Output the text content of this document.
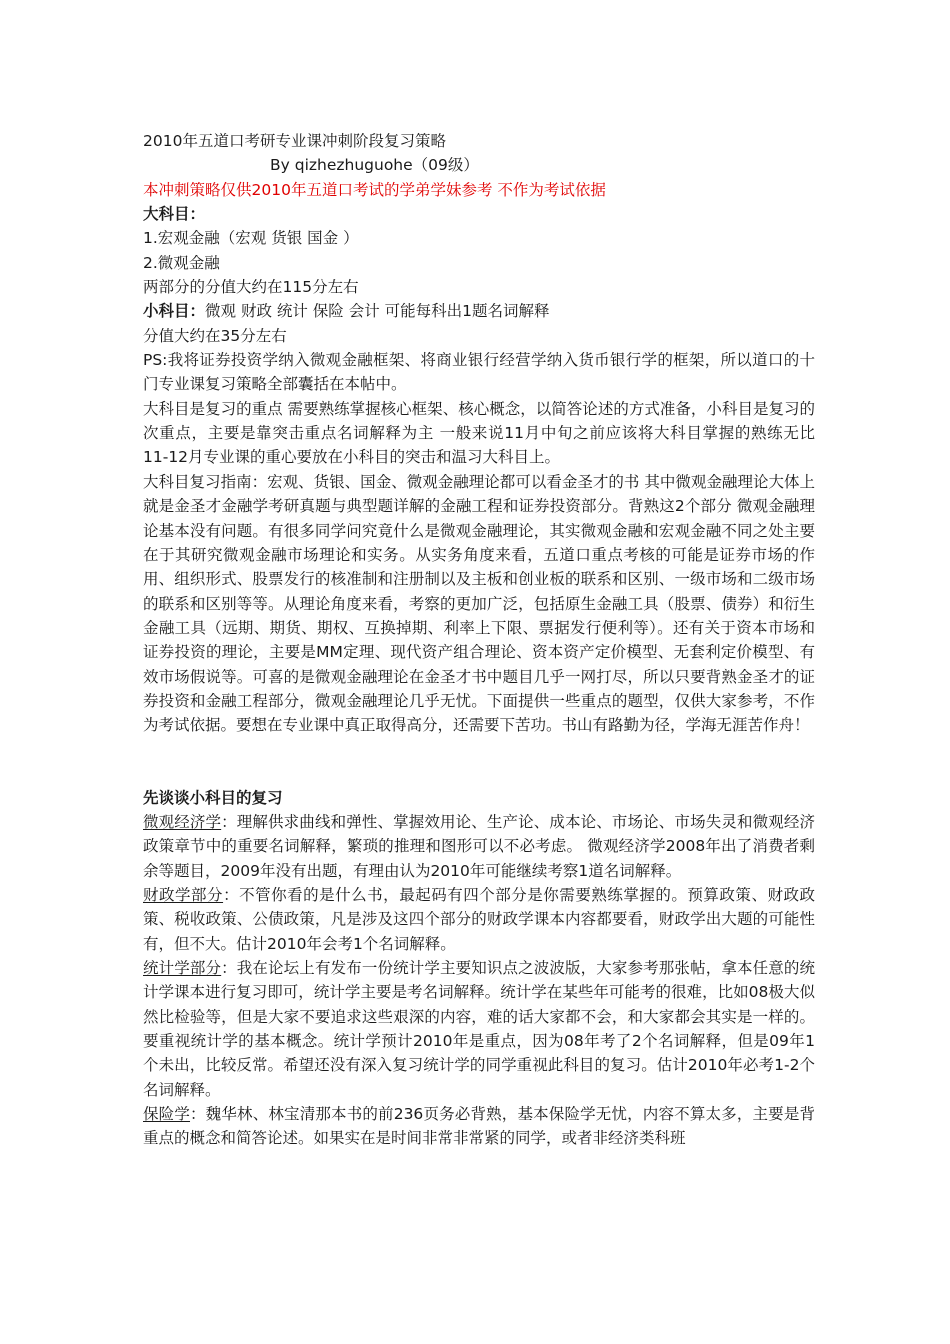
2010年五道口考研专业课冲刺阶段复习策略
By qizhezhuguohe（09级）
本冲刺策略仅供2010年五道口考试的学弟学妹参考 不作为考试依据
大科目：
1.宏观金融（宏观 货银 国金 ）
2.微观金融
两部分的分值大约在115分左右
小科目：微观 财政 统计 保险 会计 可能每科出1题名词解释
分值大约在35分左右

PS:我将证券投资学纳入微观金融框架、将商业银行经营学纳入货币银行学的框架，所以道口的十门专业课复习策略全部囊括在本帖中。

大科目是复习的重点 需要熟练掌握核心框架、核心概念，以简答论述的方式准备，小科目是复习的次重点，主要是靠突击重点名词解释为主 一般来说11月中旬之前应该将大科目掌握的熟练无比 11-12月专业课的重心要放在小科目的突击和温习大科目上。

大科目复习指南：宏观、货银、国金、微观金融理论都可以看金圣才的书 其中微观金融理论大体上就是金圣才金融学考研真题与典型题详解的金融工程和证券投资部分。背熟这2个部分 微观金融理论基本没有问题。有很多同学问究竟什么是微观金融理论，其实微观金融和宏观金融不同之处主要在于其研究微观金融市场理论和实务。从实务角度来看，五道口重点考核的可能是证券市场的作用、组织形式、股票发行的核准制和注册制以及主板和创业板的联系和区别、一级市场和二级市场的联系和区别等等。从理论角度来看，考察的更加广泛，包括原生金融工具（股票、债券）和衍生金融工具（远期、期货、期权、互换掉期、利率上下限、票据发行便利等）。还有关于资本市场和证券投资的理论，主要是MM定理、现代资产组合理论、资本资产定价模型、无套利定价模型、有效市场假说等。可喜的是微观金融理论在金圣才书中题目几乎一网打尽，所以只要背熟金圣才的证券投资和金融工程部分，微观金融理论几乎无忧。下面提供一些重点的题型，仅供大家参考，不作为考试依据。要想在专业课中真正取得高分，还需要下苦功。书山有路勤为径，学海无涯苦作舟！

先谈谈小科目的复习

微观经济学：理解供求曲线和弹性、掌握效用论、生产论、成本论、市场论、市场失灵和微观经济政策章节中的重要名词解释，繁琐的推理和图形可以不必考虑。 微观经济学2008年出了消费者剩余等题目，2009年没有出题，有理由认为2010年可能继续考察1道名词解释。

财政学部分：不管你看的是什么书，最起码有四个部分是你需要熟练掌握的。预算政策、财政政策、税收政策、公债政策，凡是涉及这四个部分的财政学课本内容都要看，财政学出大题的可能性有，但不大。估计2010年会考1个名词解释。

统计学部分：我在论坛上有发布一份统计学主要知识点之波波版，大家参考那张帖，拿本任意的统计学课本进行复习即可，统计学主要是考名词解释。统计学在某些年可能考的很难，比如08极大似然比检验等，但是大家不要追求这些艰深的内容，难的话大家都不会，和大家都会其实是一样的。要重视统计学的基本概念。统计学预计2010年是重点，因为08年考了2个名词解释，但是09年1个未出，比较反常。希望还没有深入复习统计学的同学重视此科目的复习。估计2010年必考1-2个名词解释。

保险学：魏华林、林宝清那本书的前236页务必背熟，基本保险学无忧，内容不算太多，主要是背重点的概念和简答论述。如果实在是时间非常非常紧的同学，或者非经济类科班
